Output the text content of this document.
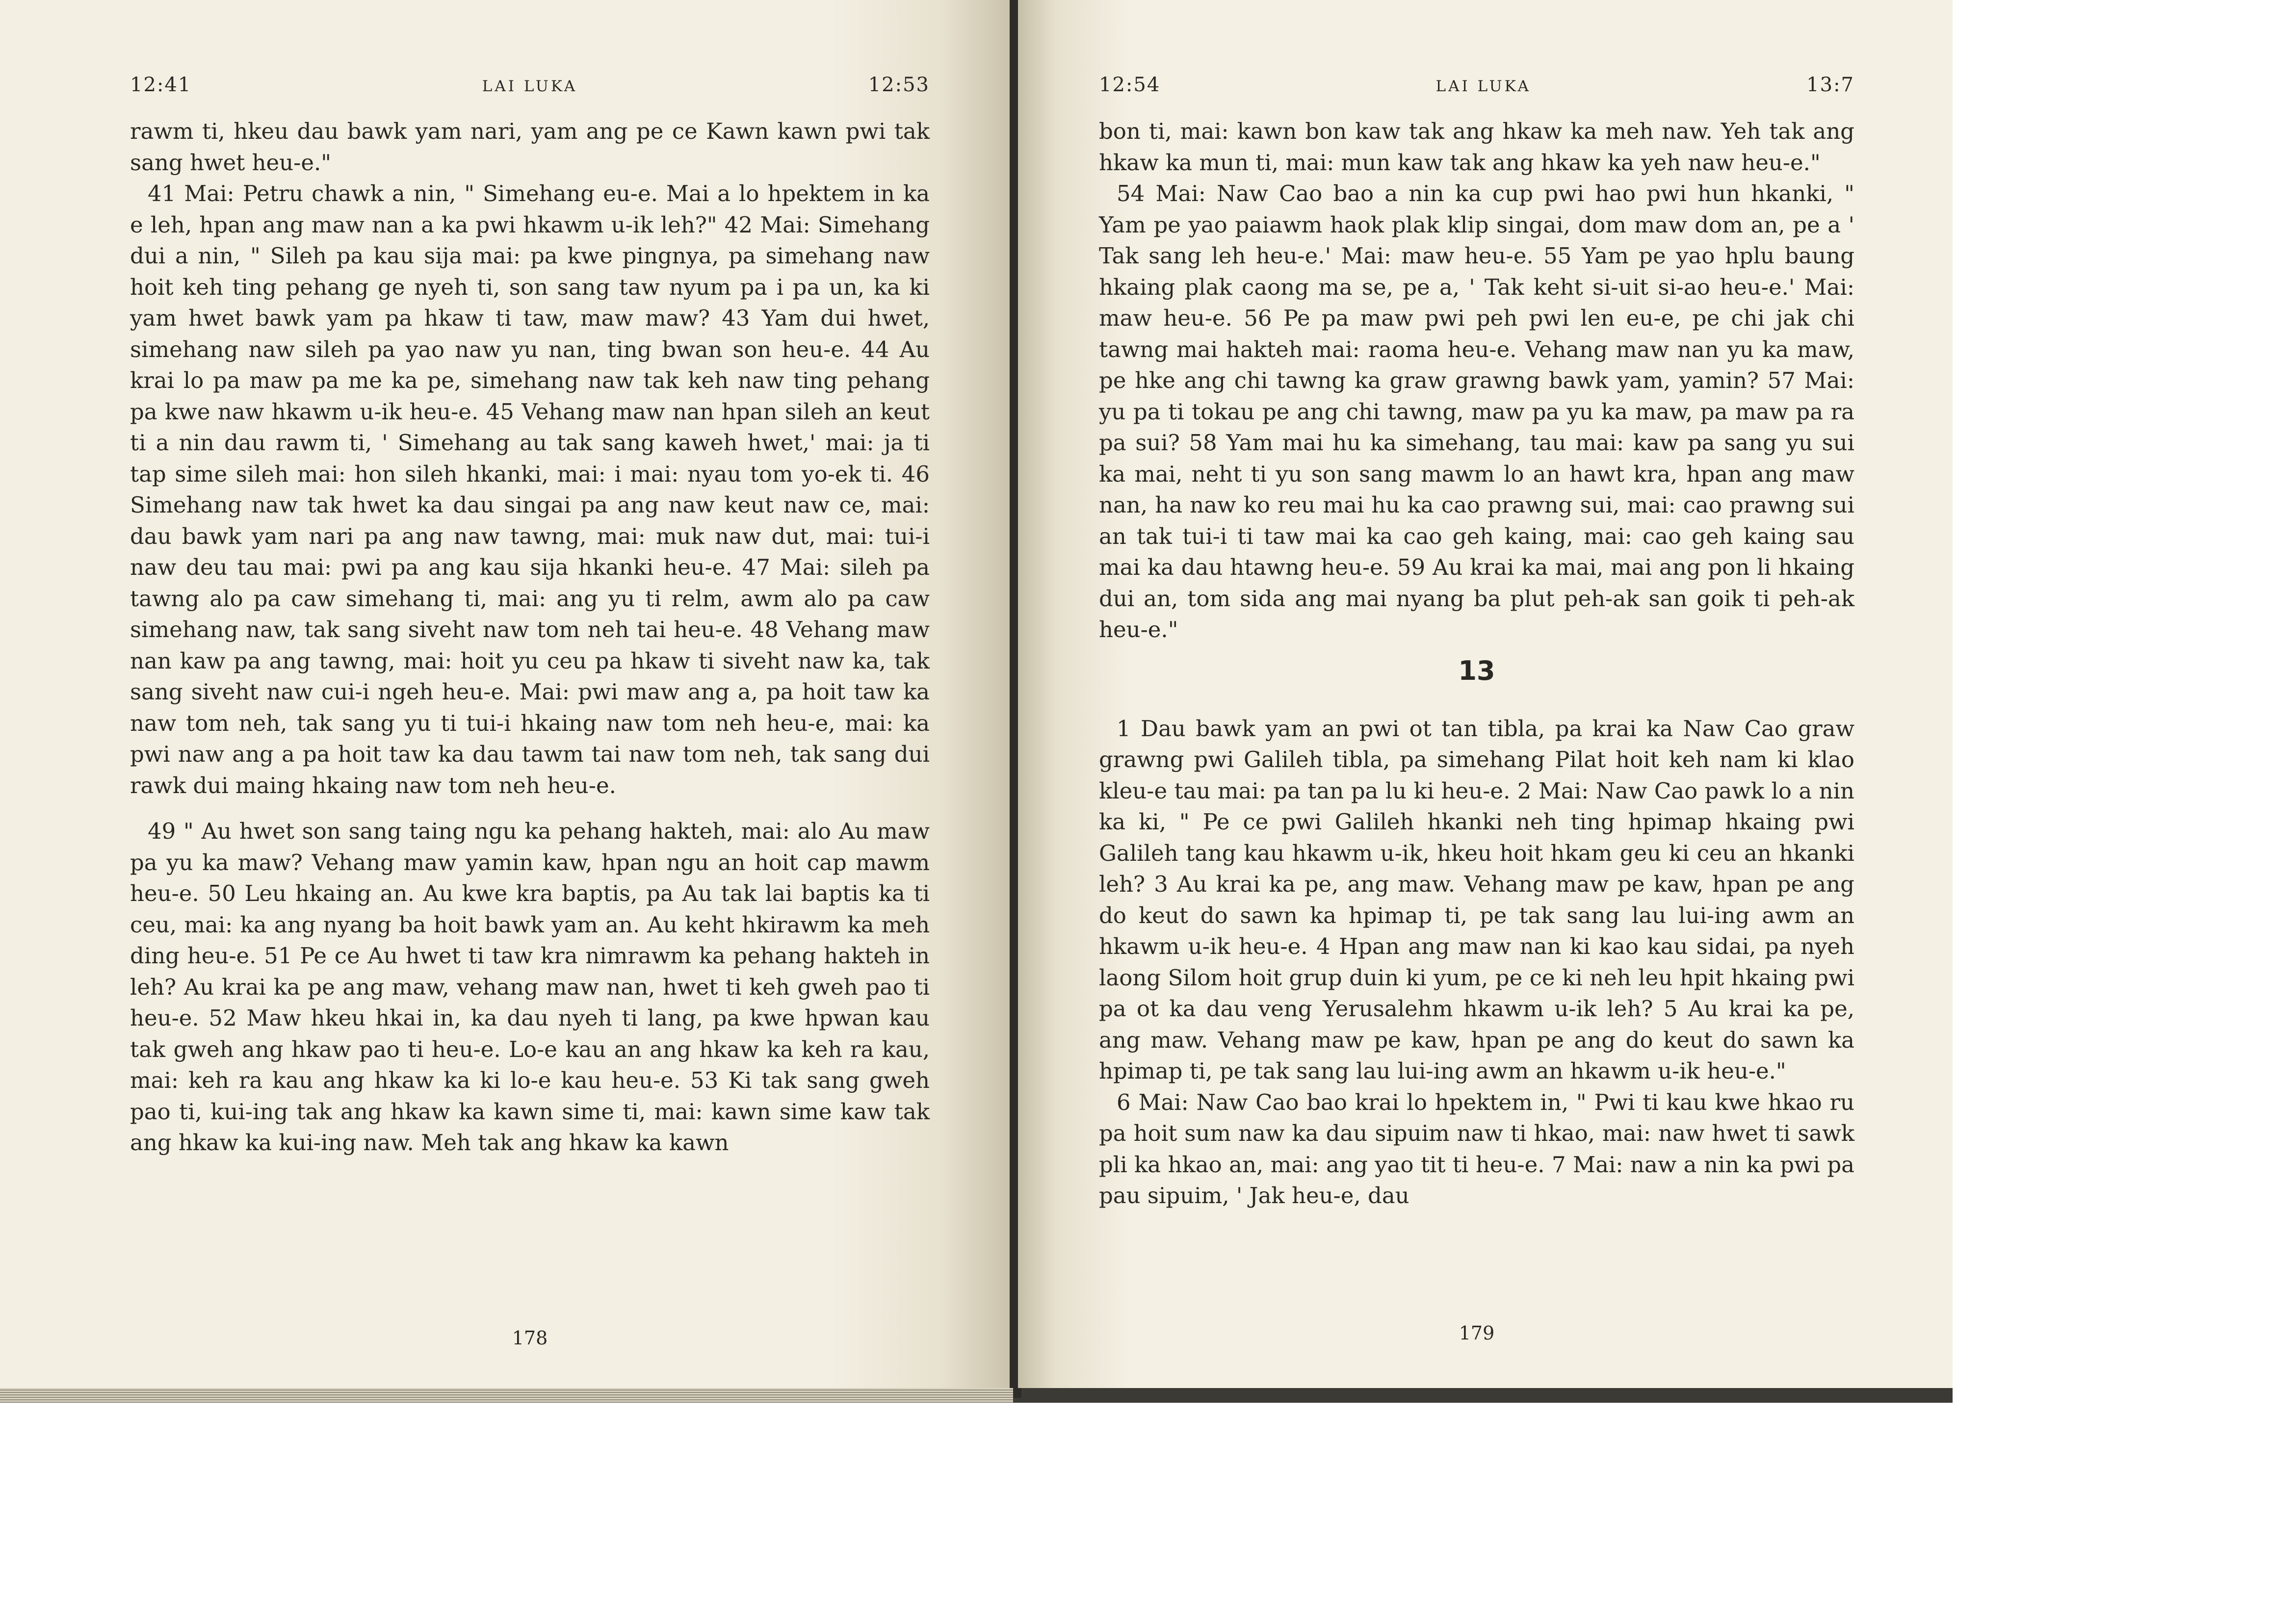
12:41	LAI LUKA	12:53

rawm ti, hkeu dau bawk yam nari, yam ang pe ce Kawn kawn pwi tak sang hwet heu-e."

41 Mai: Petru chawk a nin, " Simehang eu-e. Mai a lo hpektem in ka e leh, hpan ang maw nan a ka pwi hkawm u-ik leh?" 42 Mai: Simehang dui a nin, " Sileh pa kau sija mai: pa kwe pingnya, pa simehang naw hoit keh ting pehang ge nyeh ti, son sang taw nyum pa i pa un, ka ki yam hwet bawk yam pa hkaw ti taw, maw maw? 43 Yam dui hwet, simehang naw sileh pa yao naw yu nan, ting bwan son heu-e. 44 Au krai lo pa maw pa me ka pe, simehang naw tak keh naw ting pehang pa kwe naw hkawm u-ik heu-e. 45 Vehang maw nan hpan sileh an keut ti a nin dau rawm ti, ' Simehang au tak sang kaweh hwet,' mai: ja ti tap sime sileh mai: hon sileh hkanki, mai: i mai: nyau tom yo-ek ti. 46 Simehang naw tak hwet ka dau singai pa ang naw keut naw ce, mai: dau bawk yam nari pa ang naw tawng, mai: muk naw dut, mai: tui-i naw deu tau mai: pwi pa ang kau sija hkanki heu-e. 47 Mai: sileh pa tawng alo pa caw simehang ti, mai: ang yu ti relm, awm alo pa caw simehang naw, tak sang siveht naw tom neh tai heu-e. 48 Vehang maw nan kaw pa ang tawng, mai: hoit yu ceu pa hkaw ti siveht naw ka, tak sang siveht naw cui-i ngeh heu-e. Mai: pwi maw ang a, pa hoit taw ka naw tom neh, tak sang yu ti tui-i hkaing naw tom neh heu-e, mai: ka pwi naw ang a pa hoit taw ka dau tawm tai naw tom neh, tak sang dui rawk dui maing hkaing naw tom neh heu-e.

49 " Au hwet son sang taing ngu ka pehang hakteh, mai: alo Au maw pa yu ka maw? Vehang maw yamin kaw, hpan ngu an hoit cap mawm heu-e. 50 Leu hkaing an. Au kwe kra baptis, pa Au tak lai baptis ka ti ceu, mai: ka ang nyang ba hoit bawk yam an. Au keht hkirawm ka meh ding heu-e. 51 Pe ce Au hwet ti taw kra nimrawm ka pehang hakteh in leh? Au krai ka pe ang maw, vehang maw nan, hwet ti keh gweh pao ti heu-e. 52 Maw hkeu hkai in, ka dau nyeh ti lang, pa kwe hpwan kau tak gweh ang hkaw pao ti heu-e. Lo-e kau an ang hkaw ka keh ra kau, mai: keh ra kau ang hkaw ka ki lo-e kau heu-e. 53 Ki tak sang gweh pao ti, kui-ing tak ang hkaw ka kawn sime ti, mai: kawn sime kaw tak ang hkaw ka kui-ing naw. Meh tak ang hkaw ka kawn

178
12:54	LAI LUKA	13:7

bon ti, mai: kawn bon kaw tak ang hkaw ka meh naw. Yeh tak ang hkaw ka mun ti, mai: mun kaw tak ang hkaw ka yeh naw heu-e."

54 Mai: Naw Cao bao a nin ka cup pwi hao pwi hun hkanki, " Yam pe yao paiawm haok plak klip singai, dom maw dom an, pe a ' Tak sang leh heu-e.' Mai: maw heu-e. 55 Yam pe yao hplu baung hkaing plak caong ma se, pe a, ' Tak keht si-uit si-ao heu-e.' Mai: maw heu-e. 56 Pe pa maw pwi peh pwi len eu-e, pe chi jak chi tawng mai hakteh mai: raoma heu-e. Vehang maw nan yu ka maw, pe hke ang chi tawng ka graw grawng bawk yam, yamin? 57 Mai: yu pa ti tokau pe ang chi tawng, maw pa yu ka maw, pa maw pa ra pa sui? 58 Yam mai hu ka simehang, tau mai: kaw pa sang yu sui ka mai, neht ti yu son sang mawm lo an hawt kra, hpan ang maw nan, ha naw ko reu mai hu ka cao prawng sui, mai: cao prawng sui an tak tui-i ti taw mai ka cao geh kaing, mai: cao geh kaing sau mai ka dau htawng heu-e. 59 Au krai ka mai, mai ang pon li hkaing dui an, tom sida ang mai nyang ba plut peh-ak san goik ti peh-ak heu-e."

13

1 Dau bawk yam an pwi ot tan tibla, pa krai ka Naw Cao graw grawng pwi Galileh tibla, pa simehang Pilat hoit keh nam ki klao kleu-e tau mai: pa tan pa lu ki heu-e. 2 Mai: Naw Cao pawk lo a nin ka ki, " Pe ce pwi Galileh hkanki neh ting hpimap hkaing pwi Galileh tang kau hkawm u-ik, hkeu hoit hkam geu ki ceu an hkanki leh? 3 Au krai ka pe, ang maw. Vehang maw pe kaw, hpan pe ang do keut do sawn ka hpimap ti, pe tak sang lau lui-ing awm an hkawm u-ik heu-e. 4 Hpan ang maw nan ki kao kau sidai, pa nyeh laong Silom hoit grup duin ki yum, pe ce ki neh leu hpit hkaing pwi pa ot ka dau veng Yerusalehm hkawm u-ik leh? 5 Au krai ka pe, ang maw. Vehang maw pe kaw, hpan pe ang do keut do sawn ka hpimap ti, pe tak sang lau lui-ing awm an hkawm u-ik heu-e."

6 Mai: Naw Cao bao krai lo hpektem in, " Pwi ti kau kwe hkao ru pa hoit sum naw ka dau sipuim naw ti hkao, mai: naw hwet ti sawk pli ka hkao an, mai: ang yao tit ti heu-e. 7 Mai: naw a nin ka pwi pa pau sipuim, ' Jak heu-e, dau

179
